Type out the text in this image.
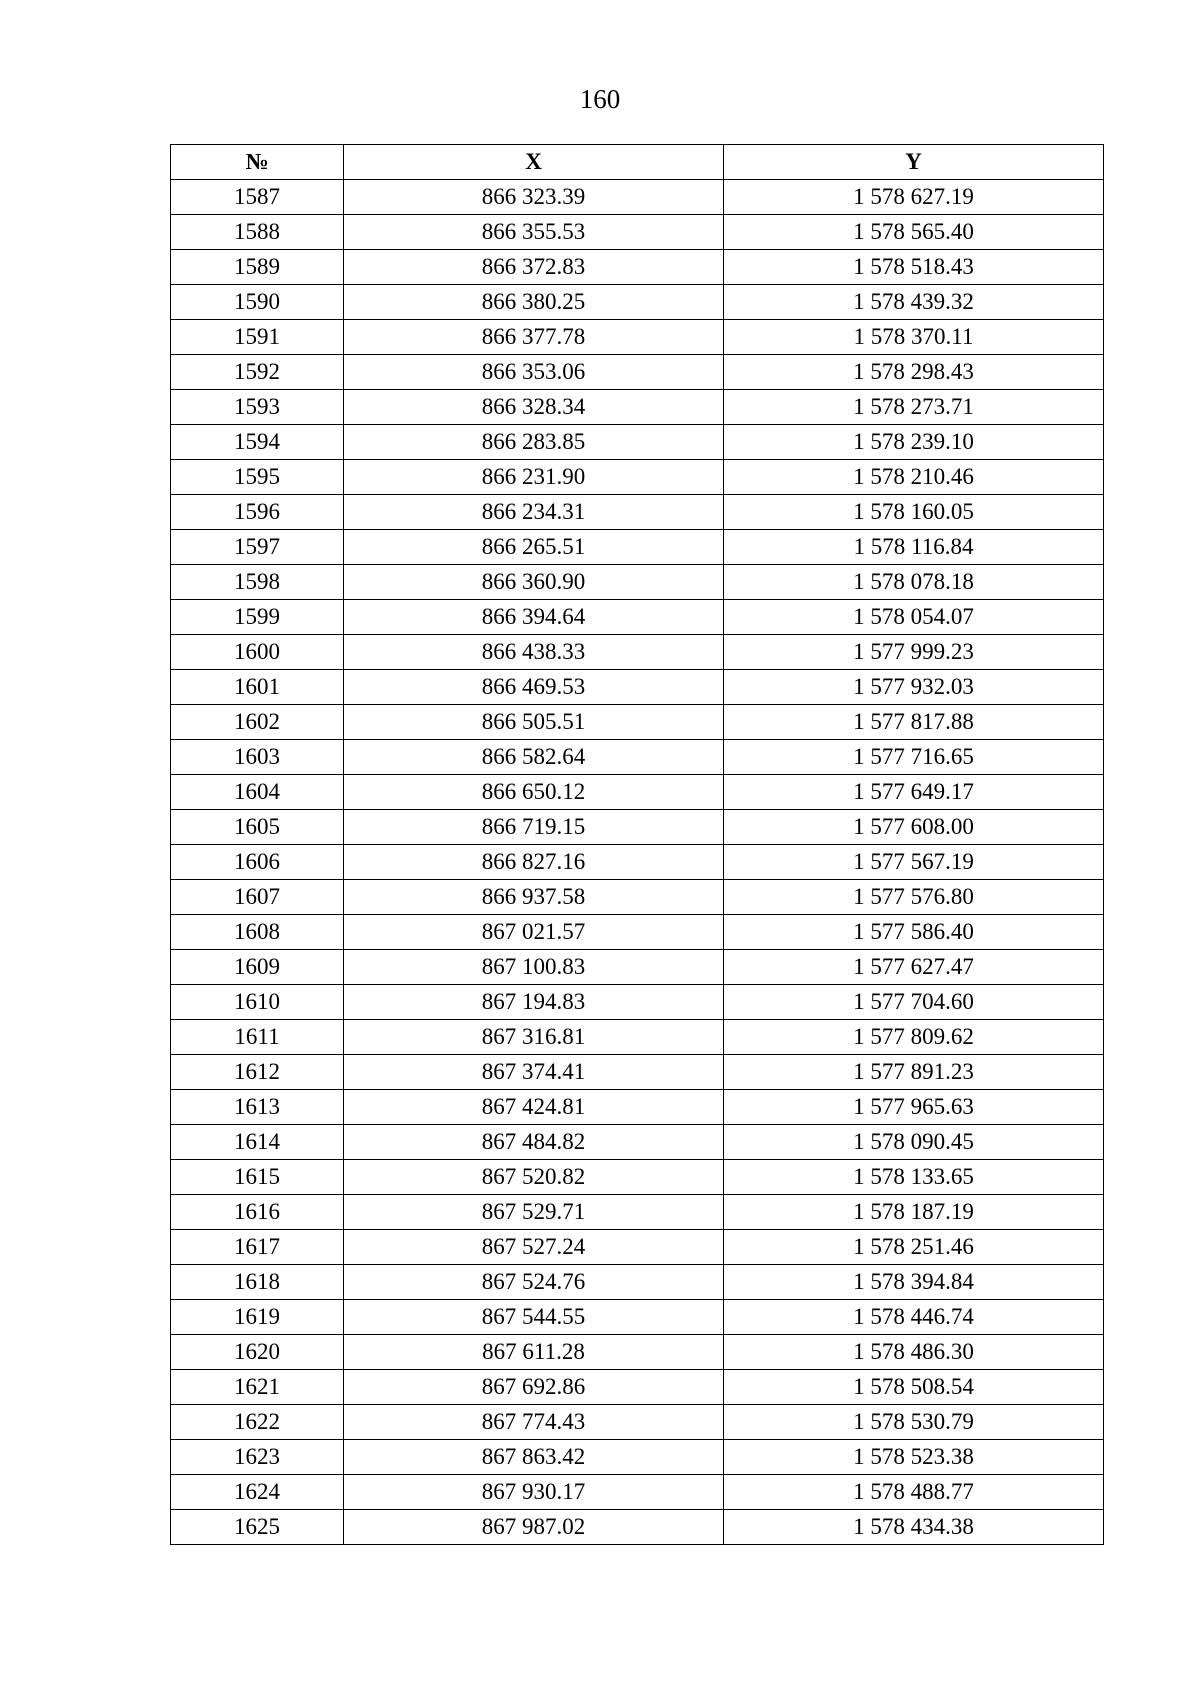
160
№	X	Y
1587	866 323.39	1 578 627.19
1588	866 355.53	1 578 565.40
1589	866 372.83	1 578 518.43
1590	866 380.25	1 578 439.32
1591	866 377.78	1 578 370.11
1592	866 353.06	1 578 298.43
1593	866 328.34	1 578 273.71
1594	866 283.85	1 578 239.10
1595	866 231.90	1 578 210.46
1596	866 234.31	1 578 160.05
1597	866 265.51	1 578 116.84
1598	866 360.90	1 578 078.18
1599	866 394.64	1 578 054.07
1600	866 438.33	1 577 999.23
1601	866 469.53	1 577 932.03
1602	866 505.51	1 577 817.88
1603	866 582.64	1 577 716.65
1604	866 650.12	1 577 649.17
1605	866 719.15	1 577 608.00
1606	866 827.16	1 577 567.19
1607	866 937.58	1 577 576.80
1608	867 021.57	1 577 586.40
1609	867 100.83	1 577 627.47
1610	867 194.83	1 577 704.60
1611	867 316.81	1 577 809.62
1612	867 374.41	1 577 891.23
1613	867 424.81	1 577 965.63
1614	867 484.82	1 578 090.45
1615	867 520.82	1 578 133.65
1616	867 529.71	1 578 187.19
1617	867 527.24	1 578 251.46
1618	867 524.76	1 578 394.84
1619	867 544.55	1 578 446.74
1620	867 611.28	1 578 486.30
1621	867 692.86	1 578 508.54
1622	867 774.43	1 578 530.79
1623	867 863.42	1 578 523.38
1624	867 930.17	1 578 488.77
1625	867 987.02	1 578 434.38
